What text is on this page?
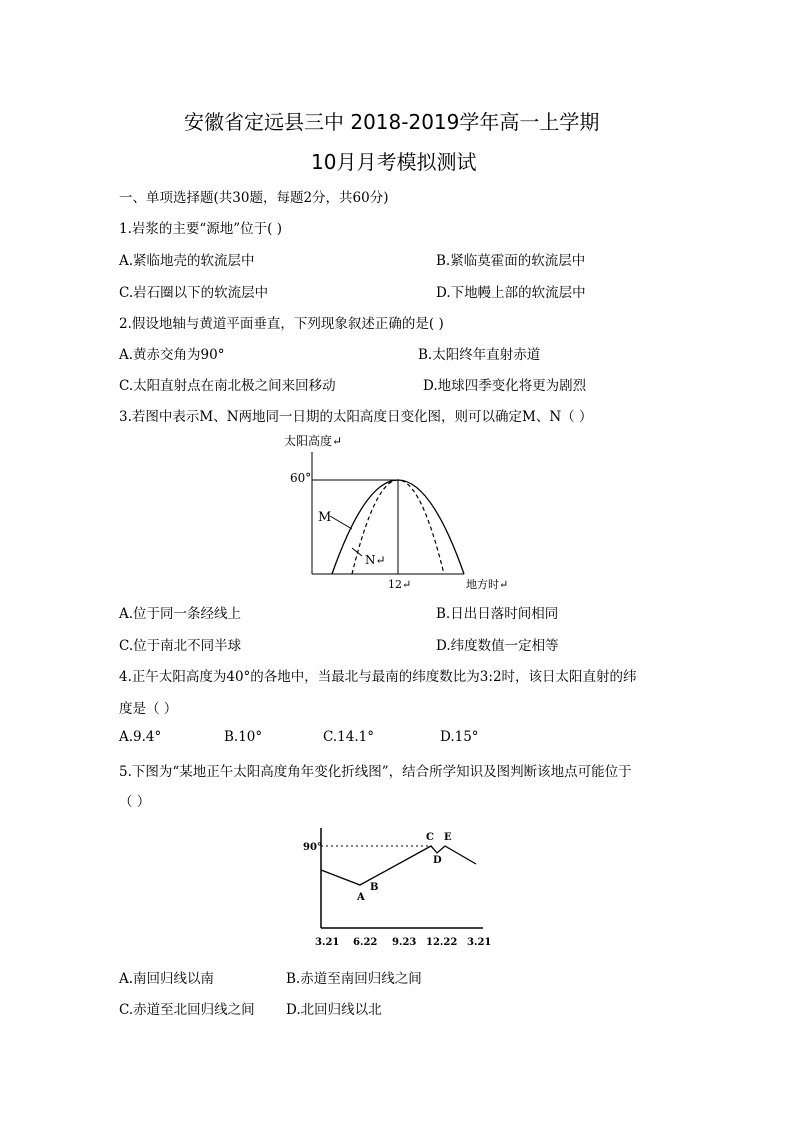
安徽省定远县三中 2018-2019学年高一上学期
10月月考模拟测试
一、单项选择题(共30题，每题2分，共60分)
1.岩浆的主要“源地”位于( )
A.紧临地壳的软流层中	B.紧临莫霍面的软流层中
C.岩石圈以下的软流层中	D.下地幔上部的软流层中
2.假设地轴与黄道平面垂直，下列现象叙述正确的是( )
A.黄赤交角为90°	B.太阳终年直射赤道
C.太阳直射点在南北极之间来回移动	D.地球四季变化将更为剧烈
3.若图中表示M、N两地同一日期的太阳高度日变化图，则可以确定M、N（ ）
太阳高度↵
60°
M
N↵
12↵	地方时↵
A.位于同一条经线上	B.日出日落时间相同
C.位于南北不同半球	D.纬度数值一定相等
4.正午太阳高度为40°的各地中，当最北与最南的纬度数比为3:2时，该日太阳直射的纬
度是（ ）
A.9.4°	B.10°	C.14.1°	D.15°
5.下图为“某地正午太阳高度角年变化折线图”，结合所学知识及图判断该地点可能位于
（ ）
90°
A
B
C
D
E
3.21 6.22 9.23 12.22 3.21
A.南回归线以南	B.赤道至南回归线之间
C.赤道至北回归线之间 D.北回归线以北
